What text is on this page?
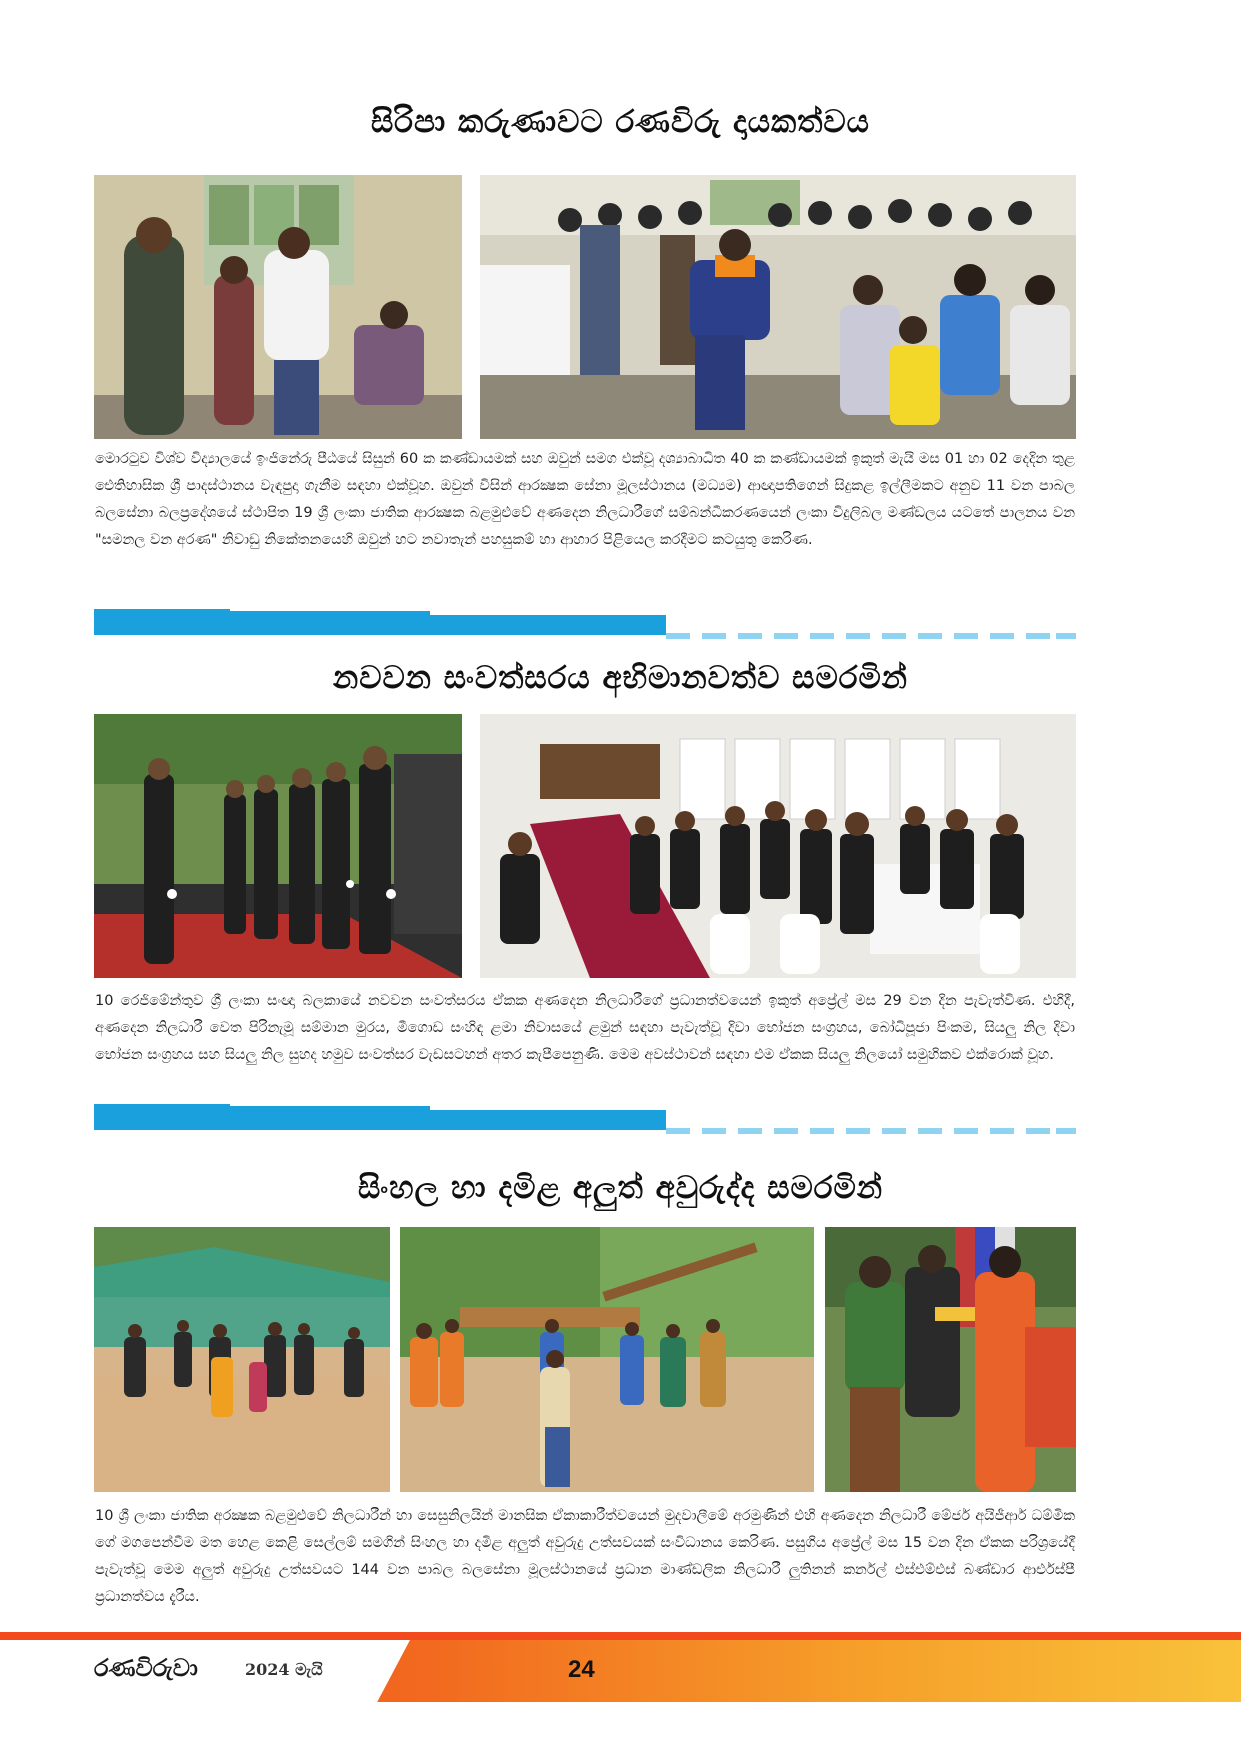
සිරිපා කරුණාවට රණවිරු දායකත්වය
මොරටුව විශ්ව විද්‍යාලයේ ඉංජිනේරු පීඨයේ සිසුන් 60 ක කණ්ඩායමක් සහ ඔවුන් සමග එක්වූ දශ්‍යාබාධිත 40 ක කණ්ඩායමක් ඉකුත් මැයි මස 01 හා 02 දෙදින තුළ ඓතිහාසික ශ්‍රී පාදස්ථානය වැඳපුදා ගැනීම සඳහා එක්වූහ. ඔවුන් විසින් ආරක්‍ෂක සේනා මූලස්ථානය (මධ්‍යම) ආඥාපතිගෙන් සිදුකළ ඉල්ලීමකට අනුව 11 වන පාබල බලසේනා බලප්‍රදේශයේ ස්ථාපිත 19 ශ්‍රී ලංකා ජාතික ආරක්‍ෂක බළමුළුවේ අණදෙන නිලධාරීගේ සම්බන්ධීකරණයෙන් ලංකා විදුලිබල මණ්ඩලය යටතේ පාලනය වන "සමනල වන අරණ" නිවාඩු නිකේතනයෙහි ඔවුන් හට නවාතැන් පහසුකම් හා ආහාර පිළියෙල කරදීමට කටයුතු කෙරිණ.
නවවන සංවත්සරය අභිමානවත්ව සමරමින්
10 රෙජිමේන්තුව ශ්‍රී ලංකා සංඥා බලකායේ නවවන සංවත්සරය ඒකක අණදෙන නිලධාරීගේ ප්‍රධානත්වයෙන් ඉකුත් අප්‍රේල් මස 29 වන දින පැවැත්විණ. එහිදී, අණදෙන නිලධාරී වෙත පිරිනැමූ සම්මාන මුරය, මීගොඩ සංහිඳ ළමා නිවාසයේ ළමුන් සඳහා පැවැත්වූ දිවා භෝජන සංග්‍රහය, බෝධිපූජා පිංකම, සියලු නිල දිවා භෝජන සංග්‍රහය සහ සියලු නිල සුහද හමුව සංවත්සර වැඩසටහන් අතර කැපීපෙනුණි. මෙම අවස්ථාවන් සඳහා එම ඒකක සියලු නිලයෝ සමුහිකව එක්රොක් වූහ.
සිංහල හා දමිළ අලුත් අවුරුද්ද සමරමින්
10 ශ්‍රී ලංකා ජාතික අරක්‍ෂක බළමුළුවේ නිලධාරීන් හා සෙසුනිලයින් මානසික ඒකාකාරීත්වයෙන් මුදවාලීමේ අරමුණින් එහි අණදෙන නිලධාරී මේජර් අයිජීආර් ධම්මික ගේ මගපෙන්වීම මත හෙළ කෙළි සෙල්ලම් සමගින් සිංහල හා දමිළ අලුත් අවුරුදු උත්සවයක් සංවිධානය කෙරිණ. පසුගිය අප්‍රේල් මස 15 වන දින ඒකක පරිශ්‍රයේදී පැවැත්වූ මෙම අලුත් අවුරුදු උත්සවයට 144 වන පාබල බලසේනා මූලස්ථානයේ ප්‍රධාන මාණ්ඩලික නිලධාරී ලුතිනන් කර්නල් එස්එම්එස් බණ්ඩාර ආර්එස්පී ප්‍රධානත්වය දැරීය.
රණවිරුවා	2024 මැයි	24
